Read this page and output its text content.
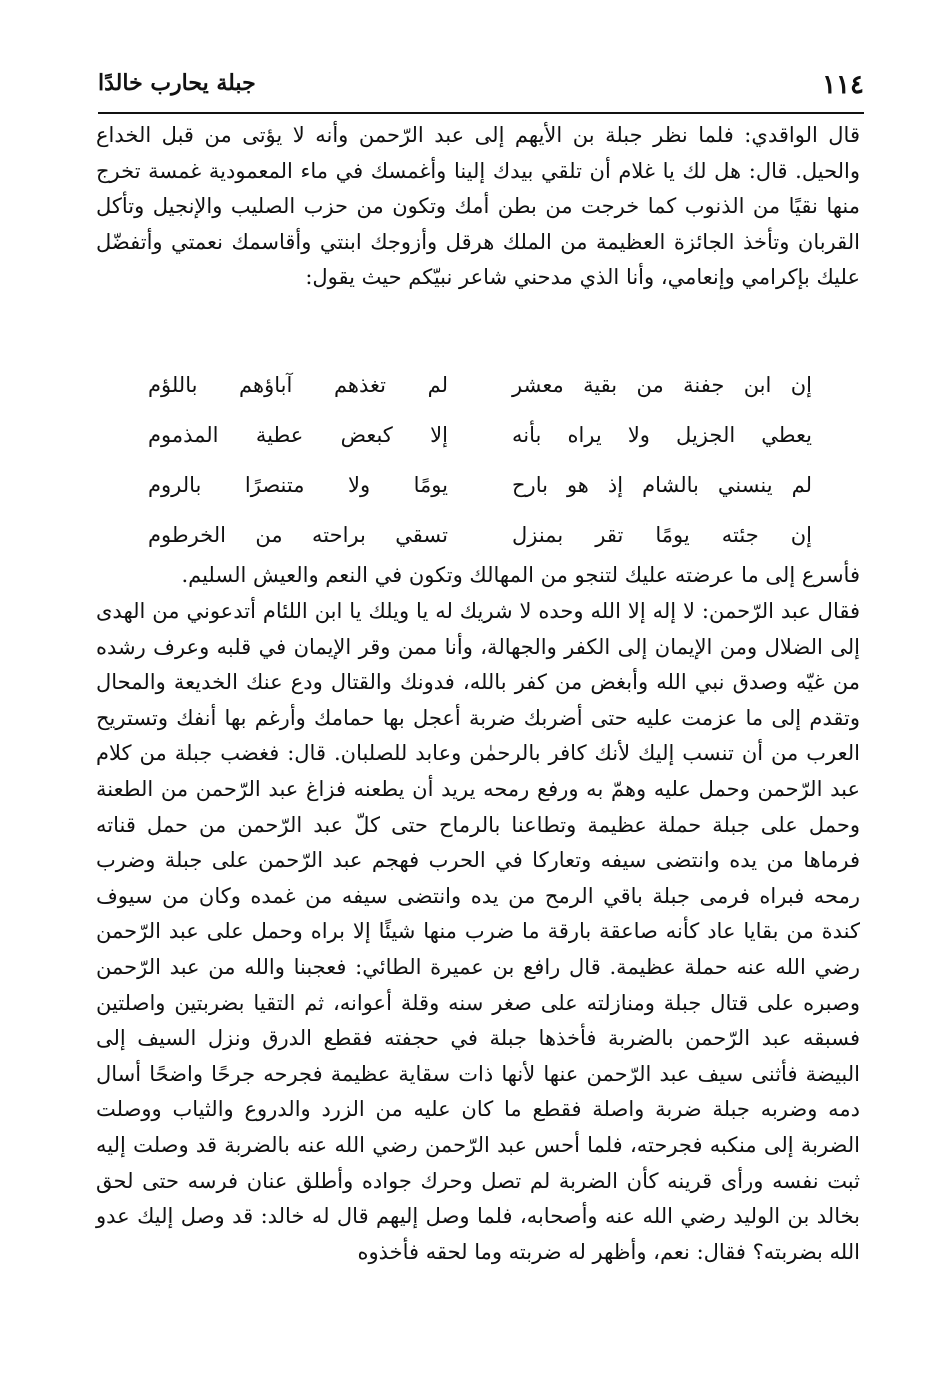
١١٤
جبلة يحارب خالدًا

قال الواقدي: فلما نظر جبلة بن الأيهم إلى عبد الرّحمن وأنه لا يؤتى من قبل الخداع والحيل. قال: هل لك يا غلام أن تلقي بيدك إلينا وأغمسك في ماء المعمودية غمسة تخرج منها نقيًا من الذنوب كما خرجت من بطن أمك وتكون من حزب الصليب والإنجيل وتأكل القربان وتأخذ الجائزة العظيمة من الملك هرقل وأزوجك ابنتي وأقاسمك نعمتي وأتفضّل عليك بإكرامي وإنعامي، وأنا الذي مدحني شاعر نبيّكم حيث يقول:

إن ابن جفنة من بقية معشر
لم تغذهم آباؤهم باللؤم
يعطي الجزيل ولا يراه بأنه
إلا كبعض عطية المذموم
لم ينسني بالشام إذ هو بارح
يومًا ولا متنصرًا بالروم
إن جئته يومًا تقر بمنزل
تسقي براحته من الخرطوم

فأسرع إلى ما عرضته عليك لتنجو من المهالك وتكون في النعم والعيش السليم.

فقال عبد الرّحمن: لا إله إلا الله وحده لا شريك له يا ويلك يا ابن اللئام أتدعوني من الهدى إلى الضلال ومن الإيمان إلى الكفر والجهالة، وأنا ممن وقر الإيمان في قلبه وعرف رشده من غيّه وصدق نبي الله وأبغض من كفر بالله، فدونك والقتال ودع عنك الخديعة والمحال وتقدم إلى ما عزمت عليه حتى أضربك ضربة أعجل بها حمامك وأرغم بها أنفك وتستريح العرب من أن تنسب إليك لأنك كافر بالرحمٰن وعابد للصلبان. قال: فغضب جبلة من كلام عبد الرّحمن وحمل عليه وهمّ به ورفع رمحه يريد أن يطعنه فزاغ عبد الرّحمن من الطعنة وحمل على جبلة حملة عظيمة وتطاعنا بالرماح حتى كلّ عبد الرّحمن من حمل قناته فرماها من يده وانتضى سيفه وتعاركا في الحرب فهجم عبد الرّحمن على جبلة وضرب رمحه فبراه فرمى جبلة باقي الرمح من يده وانتضى سيفه من غمده وكان من سيوف كندة من بقايا عاد كأنه صاعقة بارقة ما ضرب منها شيئًا إلا براه وحمل على عبد الرّحمن رضي الله عنه حملة عظيمة. قال رافع بن عميرة الطائي: فعجبنا والله من عبد الرّحمن وصبره على قتال جبلة ومنازلته على صغر سنه وقلة أعوانه، ثم التقيا بضربتين واصلتين فسبقه عبد الرّحمن بالضربة فأخذها جبلة في حجفته فقطع الدرق ونزل السيف إلى البيضة فأثنى سيف عبد الرّحمن عنها لأنها ذات سقاية عظيمة فجرحه جرحًا واضحًا أسال دمه وضربه جبلة ضربة واصلة فقطع ما كان عليه من الزرد والدروع والثياب ووصلت الضربة إلى منكبه فجرحته، فلما أحس عبد الرّحمن رضي الله عنه بالضربة قد وصلت إليه ثبت نفسه ورأى قرينه كأن الضربة لم تصل وحرك جواده وأطلق عنان فرسه حتى لحق بخالد بن الوليد رضي الله عنه وأصحابه، فلما وصل إليهم قال له خالد: قد وصل إليك عدو الله بضربته؟ فقال: نعم، وأظهر له ضربته وما لحقه فأخذوه
